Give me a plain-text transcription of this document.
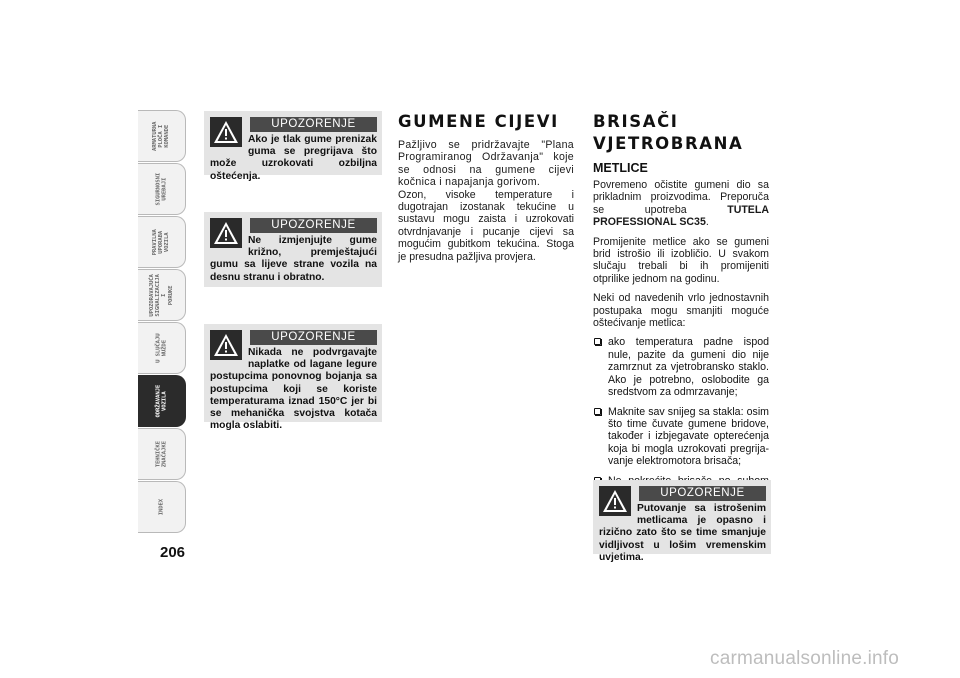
ARMATURNA
PLOČA I
KOMANDE
SIGURNOSNI
UREĐAJI
PRAVILNA
UPORABA
VOZILA
UPOZORAVAJUĆA
SIGNALIZACIJA I
PORUKE
U SLUČAJU
NUŽDE
ODRŽAVANJE
VOZILA
TEHNIČKE
ZNAČAJKE
INDEX
206
UPOZORENJE

Ako je tlak gume prenizak guma se pregrijava što može uzrokovati ozbiljna oštećenja.

UPOZORENJE

Ne izmjenjujte gume križno, premještajući gumu sa lijeve strane vozila na desnu stranu i obratno.

UPOZORENJE

Nikada ne podvrgavajte naplatke od lagane legure postupcima ponovnog bojanja sa postupcima koji se koriste temperaturama iznad 150°C jer bi se mehanička svojstva kotača mogla oslabiti.

GUMENE CIJEVI

Pažljivo se pridržavajte "Plana Programiranog Održavanja" koje se odnosi na gumene cijevi kočnica i napajanja gorivom.

Ozon, visoke temperature i dugotrajan izostanak tekućine u sustavu mogu zaista i uzrokovati otvrdnjavanje i pucanje cijevi sa mogućim gubitkom tekućina. Stoga je presudna pažljiva provjera.

BRISAČI
VJETROBRANA
METLICE

Povremeno očistite gumeni dio sa prikladnim proizvodima. Preporuča se upotreba TUTELA PROFESSIONAL SC35.

Promijenite metlice ako se gumeni brid istrošio ili izobličio. U svakom slučaju trebali bi ih promijeniti otprilike jednom na godinu.

Neki od navedenih vrlo jednostavnih postupaka mogu smanjiti moguće oštećivanje metlica:

ako temperatura padne ispod nule, pazite da gumeni dio nije zamrznut za vjetrobransko staklo. Ako je potrebno, oslobodite ga sredstvom za odmrzavanje;
Maknite sav snijeg sa stakla: osim što time čuvate gumene bridove, također i izbjegavate opterećenja koja bi mogla uzrokovati pregrijavanje elektromotora brisača;
UPOZORENJE

Putovanje sa istrošenim metlicama je opasno i rizično zato što se time smanjuje vidljivost u lošim vremenskim uvjetima.

carmanualsonline.info
